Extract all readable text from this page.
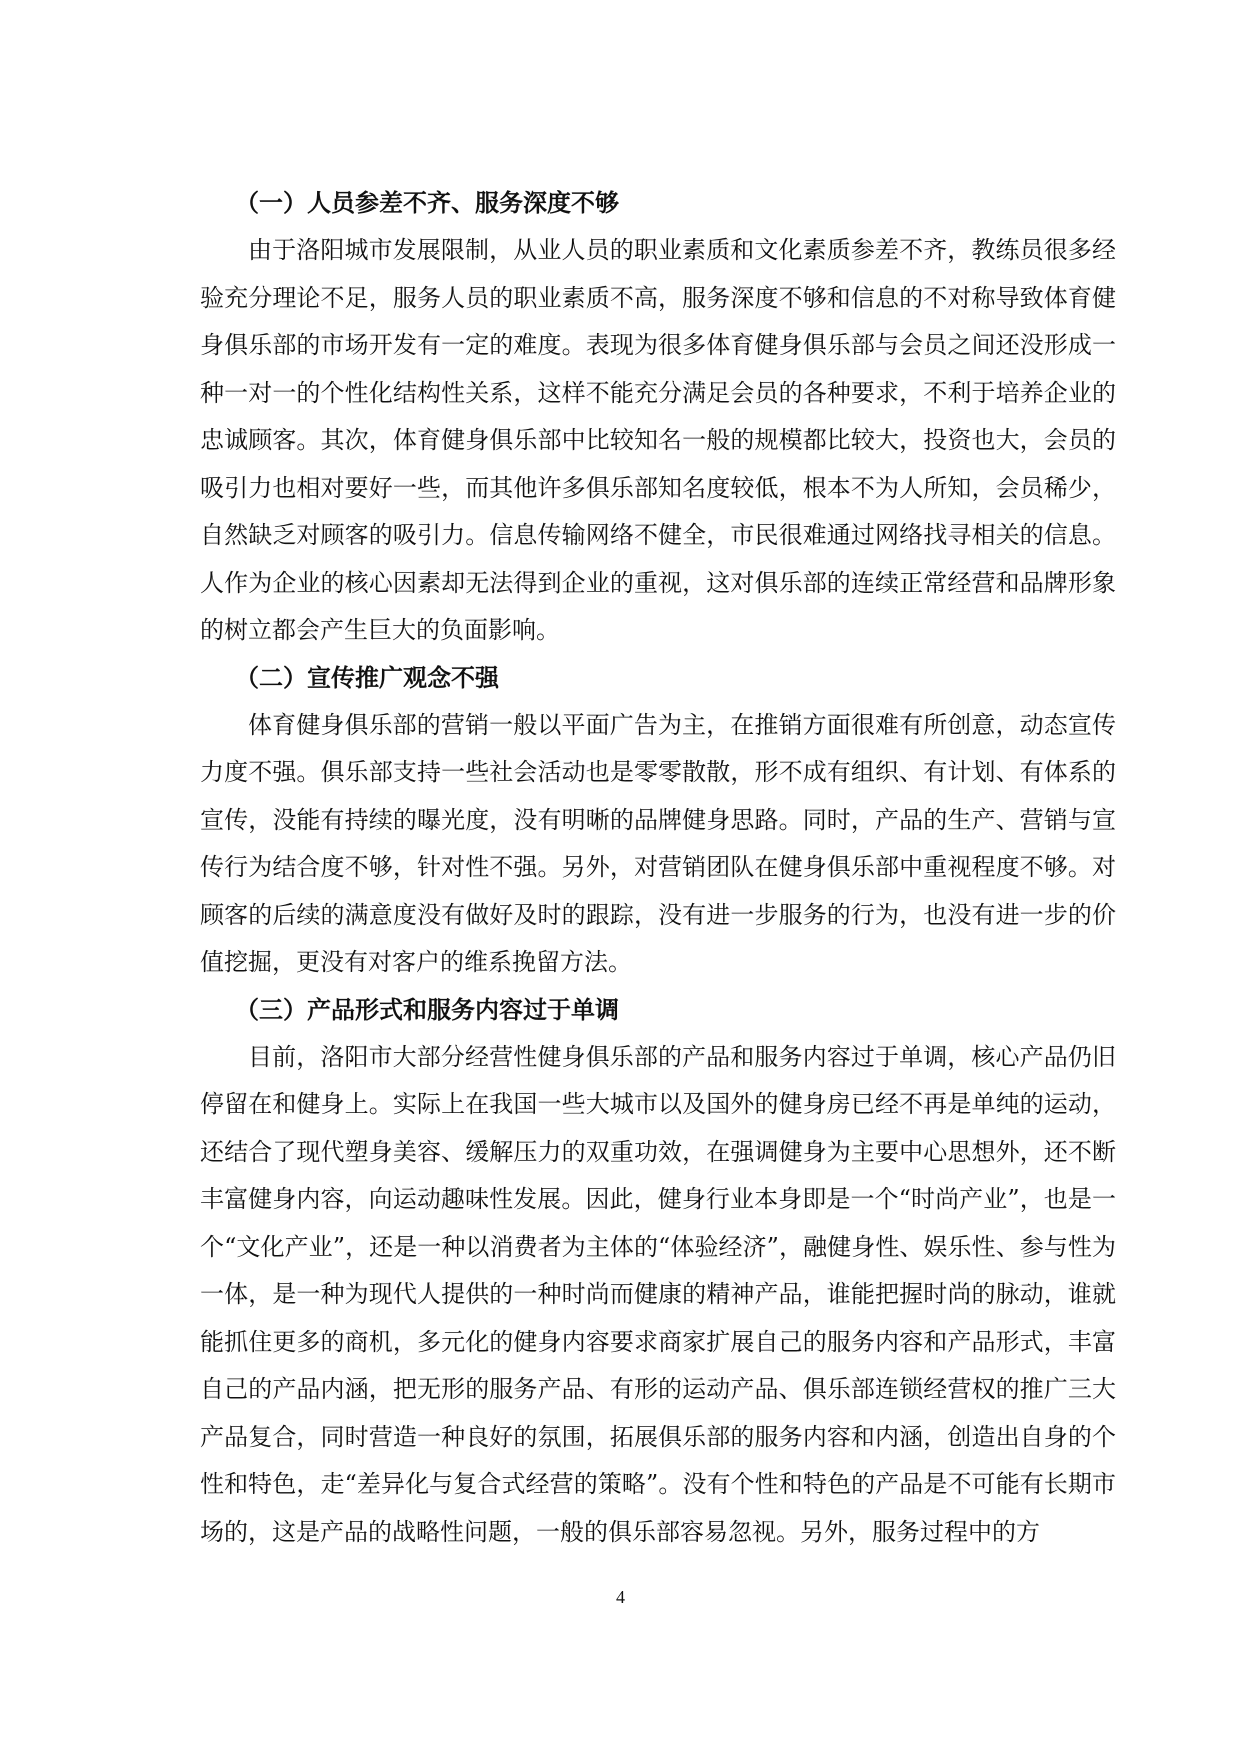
（一）人员参差不齐、服务深度不够

由于洛阳城市发展限制，从业人员的职业素质和文化素质参差不齐，教练员很多经验充分理论不足，服务人员的职业素质不高，服务深度不够和信息的不对称导致体育健身俱乐部的市场开发有一定的难度。表现为很多体育健身俱乐部与会员之间还没形成一种一对一的个性化结构性关系，这样不能充分满足会员的各种要求，不利于培养企业的忠诚顾客。其次，体育健身俱乐部中比较知名一般的规模都比较大，投资也大，会员的吸引力也相对要好一些，而其他许多俱乐部知名度较低，根本不为人所知，会员稀少，自然缺乏对顾客的吸引力。信息传输网络不健全，市民很难通过网络找寻相关的信息。人作为企业的核心因素却无法得到企业的重视，这对俱乐部的连续正常经营和品牌形象的树立都会产生巨大的负面影响。

（二）宣传推广观念不强

体育健身俱乐部的营销一般以平面广告为主，在推销方面很难有所创意，动态宣传力度不强。俱乐部支持一些社会活动也是零零散散，形不成有组织、有计划、有体系的宣传，没能有持续的曝光度，没有明晰的品牌健身思路。同时，产品的生产、营销与宣传行为结合度不够，针对性不强。另外，对营销团队在健身俱乐部中重视程度不够。对顾客的后续的满意度没有做好及时的跟踪，没有进一步服务的行为，也没有进一步的价值挖掘，更没有对客户的维系挽留方法。

（三）产品形式和服务内容过于单调

目前，洛阳市大部分经营性健身俱乐部的产品和服务内容过于单调，核心产品仍旧停留在和健身上。实际上在我国一些大城市以及国外的健身房已经不再是单纯的运动，还结合了现代塑身美容、缓解压力的双重功效，在强调健身为主要中心思想外，还不断丰富健身内容，向运动趣味性发展。因此，健身行业本身即是一个“时尚产业”，也是一个“文化产业”，还是一种以消费者为主体的“体验经济”，融健身性、娱乐性、参与性为一体，是一种为现代人提供的一种时尚而健康的精神产品，谁能把握时尚的脉动，谁就能抓住更多的商机，多元化的健身内容要求商家扩展自己的服务内容和产品形式，丰富自己的产品内涵，把无形的服务产品、有形的运动产品、俱乐部连锁经营权的推广三大产品复合，同时营造一种良好的氛围，拓展俱乐部的服务内容和内涵，创造出自身的个性和特色，走“差异化与复合式经营的策略”。没有个性和特色的产品是不可能有长期市场的，这是产品的战略性问题，一般的俱乐部容易忽视。另外，服务过程中的方

4
